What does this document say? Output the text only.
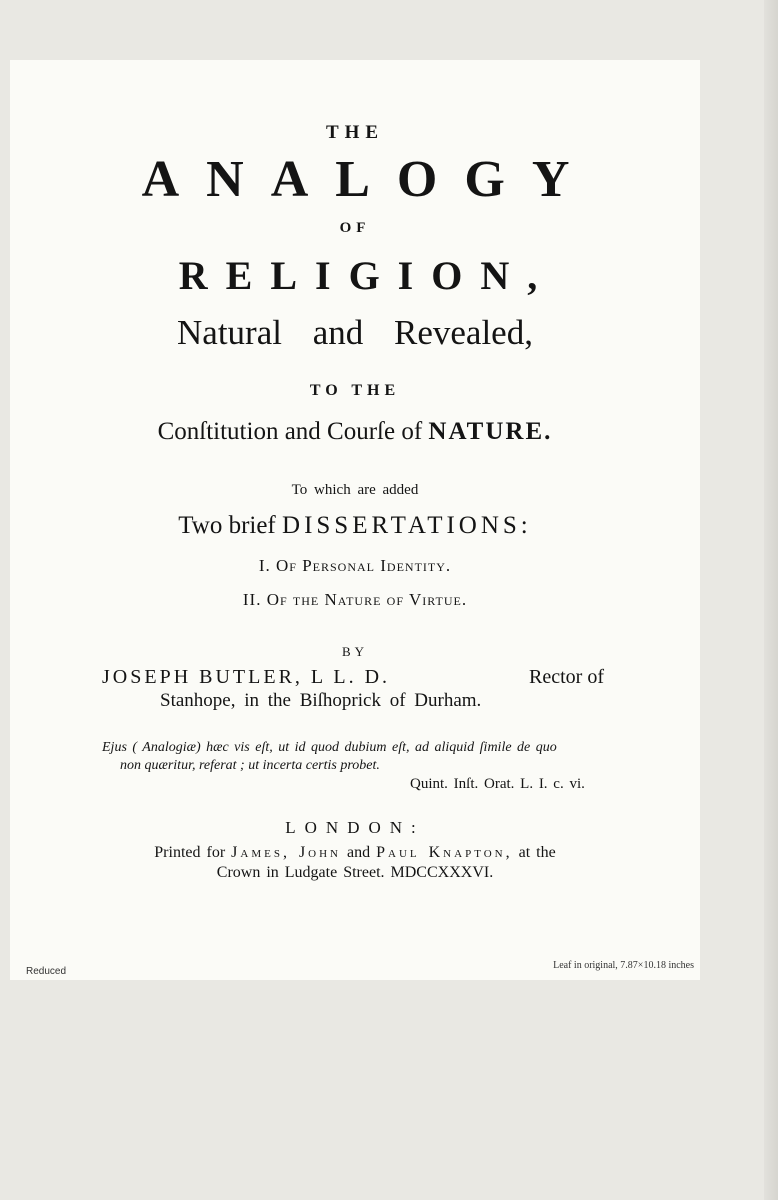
THE
ANALOGY
OF
RELIGION,
Natural and Revealed,
TO THE
Conſtitution and Courſe of NATURE.
To which are added
Two brief DISSERTATIONS:
I. Of Personal Identity.
II. Of the Nature of Virtue.
BY
JOSEPH BUTLER, L L. D.	Rector of
Stanhope, in the Biſhoprick of Durham.
Ejus ( Analogiæ) hæc vis eſt, ut id quod dubium eſt, ad aliquid ſimile de quo
non quæritur, referat ; ut incerta certis probet.
Quint. Inſt. Orat. L. I. c. vi.
LONDON:
Printed for James, John and Paul Knapton, at the
Crown in Ludgate Street. MDCCXXXVI.
Reduced
Leaf in original, 7.87×10.18 inches
